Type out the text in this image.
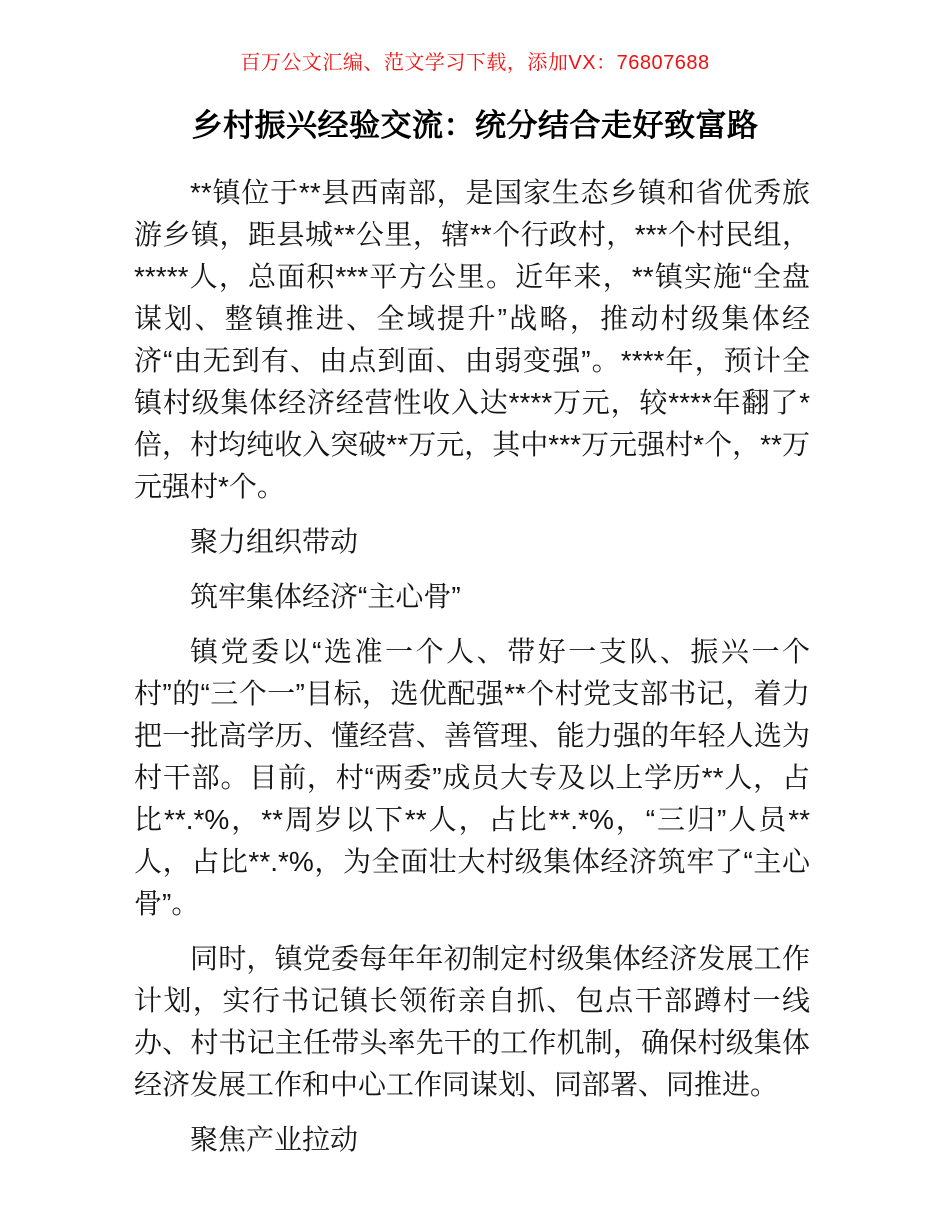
百万公文汇编、范文学习下载，添加VX：76807688
乡村振兴经验交流：统分结合走好致富路

**镇位于**县西南部，是国家生态乡镇和省优秀旅游乡镇，距县城**公里，辖**个行政村，***个村民组，*****人，总面积***平方公里。近年来，**镇实施“全盘谋划、整镇推进、全域提升”战略，推动村级集体经济“由无到有、由点到面、由弱变强”。****年，预计全镇村级集体经济经营性收入达****万元，较****年翻了*倍，村均纯收入突破**万元，其中***万元强村*个，**万元强村*个。

聚力组织带动

筑牢集体经济“主心骨”

镇党委以“选准一个人、带好一支队、振兴一个村”的“三个一”目标，选优配强**个村党支部书记，着力把一批高学历、懂经营、善管理、能力强的年轻人选为村干部。目前，村“两委”成员大专及以上学历**人，占比**.*%，**周岁以下**人，占比**.*%，“三归”人员**人，占比**.*%，为全面壮大村级集体经济筑牢了“主心骨”。

同时，镇党委每年年初制定村级集体经济发展工作计划，实行书记镇长领衔亲自抓、包点干部蹲村一线办、村书记主任带头率先干的工作机制，确保村级集体经济发展工作和中心工作同谋划、同部署、同推进。

聚焦产业拉动
